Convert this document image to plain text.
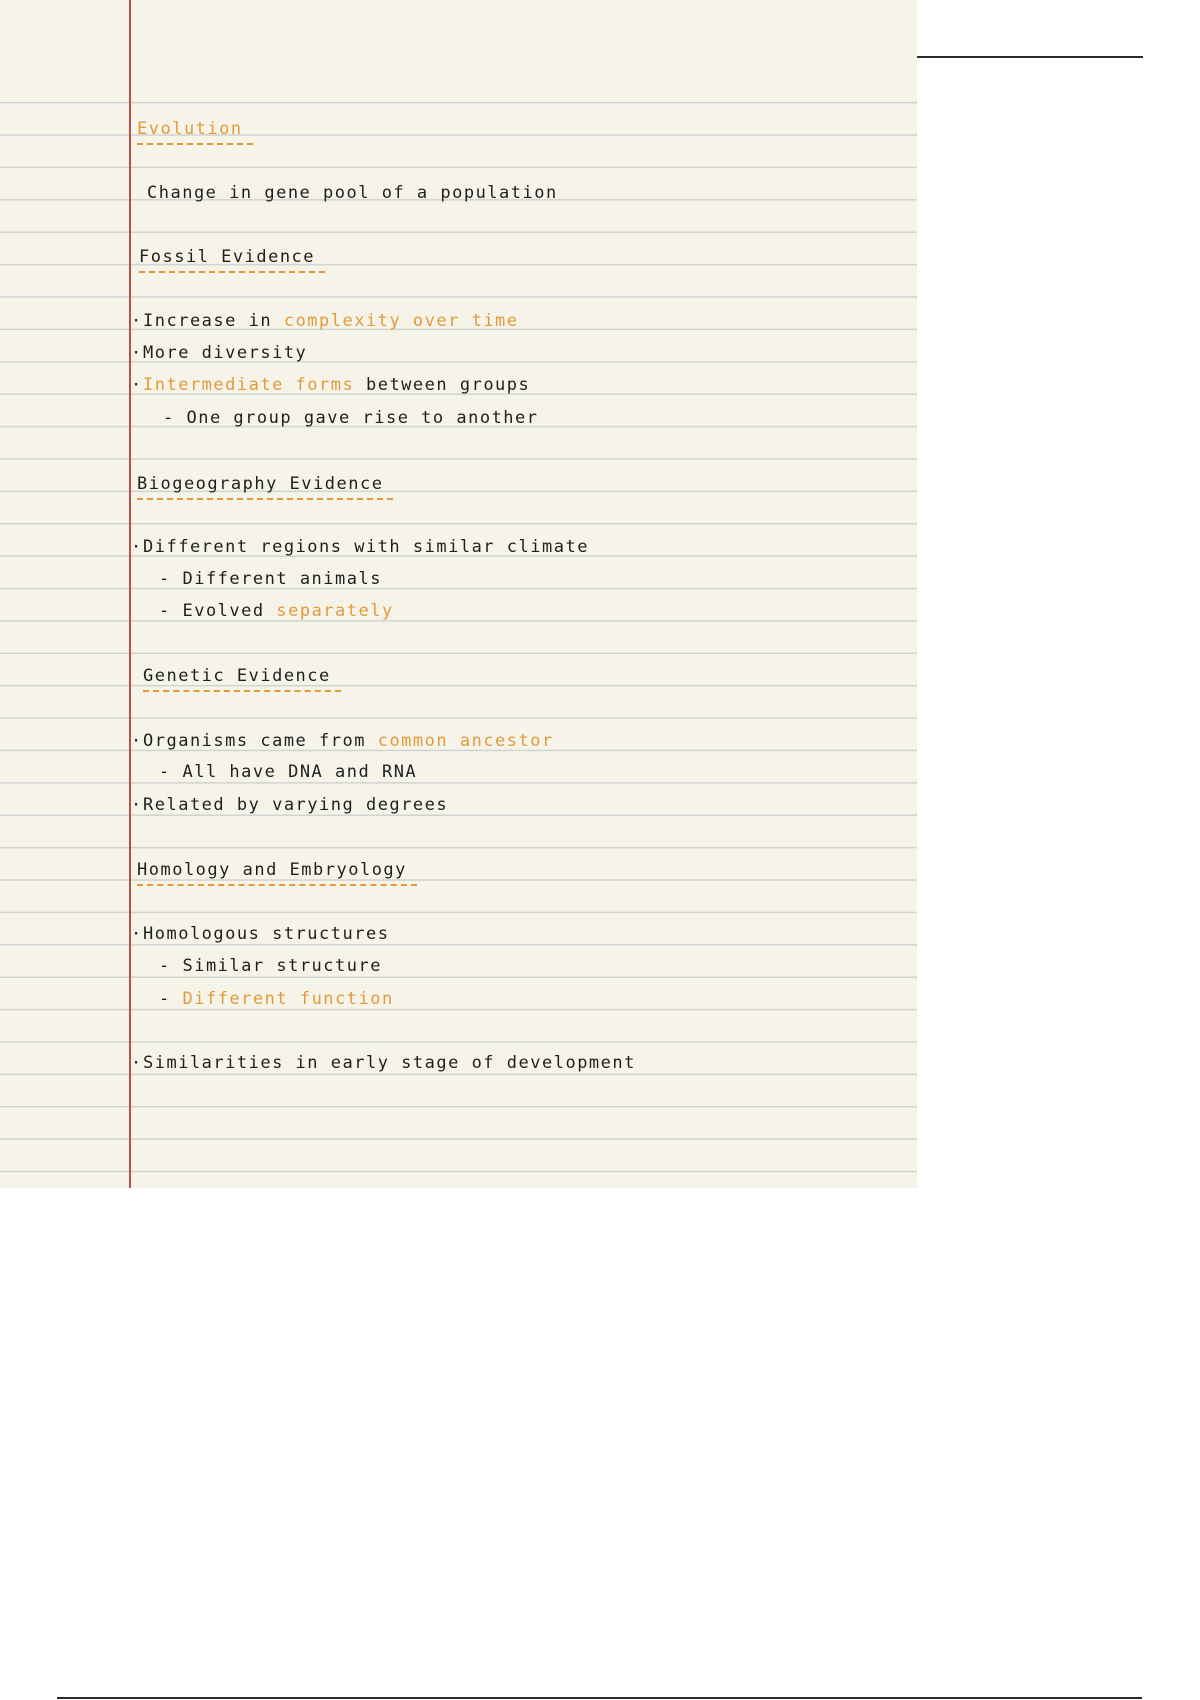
Evolution
Change in gene pool of a population
Fossil Evidence
·Increase in complexity over time
·More diversity
·Intermediate forms between groups
- One group gave rise to another
Biogeography Evidence
·Different regions with similar climate
- Different animals
- Evolved separately
Genetic Evidence
·Organisms came from common ancestor
- All have DNA and RNA
·Related by varying degrees
Homology and Embryology
·Homologous structures
- Similar structure
- Different function
·Similarities in early stage of development
